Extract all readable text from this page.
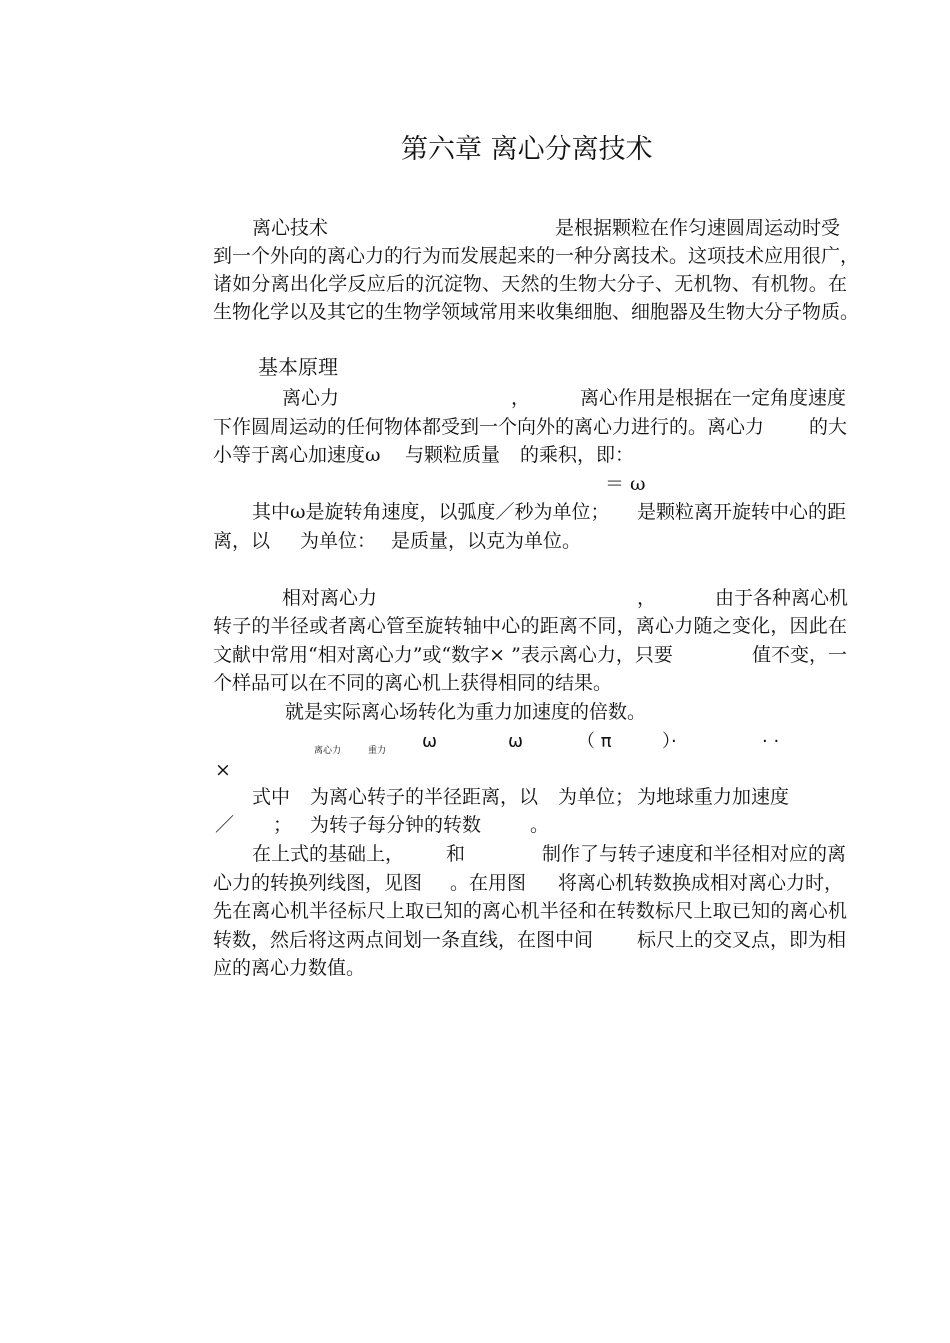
第六章 离心分离技术
离心技术	是根据颗粒在作匀速圆周运动时受
到一个外向的离心力的行为而发展起来的一种分离技术。这项技术应用很广，
诸如分离出化学反应后的沉淀物、天然的生物大分子、无机物、有机物。在
生物化学以及其它的生物学领域常用来收集细胞、细胞器及生物大分子物质。
基本原理
离心力	，	离心作用是根据在一定角度速度
下作圆周运动的任何物体都受到一个向外的离心力进行的。离心力 的大
小等于离心加速度ω 与颗粒质量 的乘积，即：
＝ ω
其中ω是旋转角速度，以弧度／秒为单位； 是颗粒离开旋转中心的距
离，以 为单位： 是质量，以克为单位。
相对离心力	，	由于各种离心机
转子的半径或者离心管至旋转轴中心的距离不同，离心力随之变化，因此在
文献中常用“相对离心力”或“数字× ”表示离心力，只要	值不变，一
个样品可以在不同的离心机上获得相同的结果。
就是实际离心场转化为重力加速度的倍数。
离心力	重力 ω	ω	（ π	）·	· ·
×
式中 为离心转子的半径距离，以 为单位； 为地球重力加速度
／ ； 为转子每分钟的转数	。
在上式的基础上， 和	制作了与转子速度和半径相对应的离
心力的转换列线图，见图 。在用图 将离心机转数换成相对离心力时，
先在离心机半径标尺上取已知的离心机半径和在转数标尺上取已知的离心机
转数，然后将这两点间划一条直线，在图中间 标尺上的交叉点，即为相
应的离心力数值。
